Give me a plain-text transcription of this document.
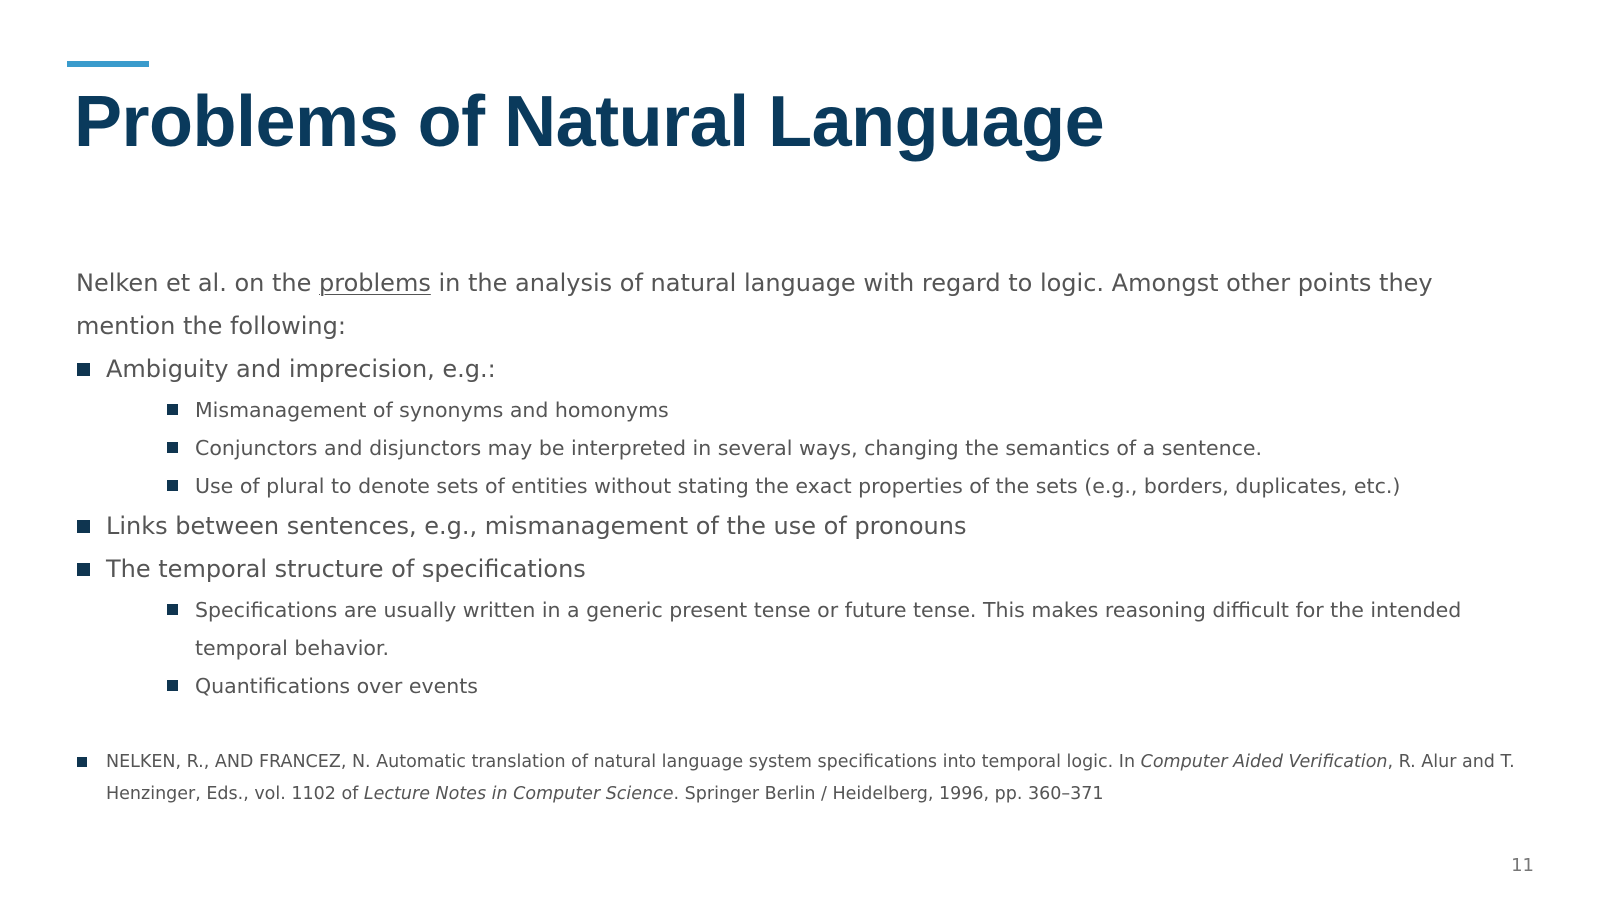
Problems of Natural Language

Nelken et al. on the problems in the analysis of natural language with regard to logic. Amongst other points they mention the following:

Ambiguity and imprecision, e.g.:
Mismanagement of synonyms and homonyms
Conjunctors and disjunctors may be interpreted in several ways, changing the semantics of a sentence.
Use of plural to denote sets of entities without stating the exact properties of the sets (e.g., borders, duplicates, etc.)
Links between sentences, e.g., mismanagement of the use of pronouns
The temporal structure of specifications
Specifications are usually written in a generic present tense or future tense. This makes reasoning difficult for the intended temporal behavior.
Quantifications over events
NELKEN, R., AND FRANCEZ, N. Automatic translation of natural language system specifications into temporal logic. In Computer Aided Verification, R. Alur and T. Henzinger, Eds., vol. 1102 of Lecture Notes in Computer Science. Springer Berlin / Heidelberg, 1996, pp. 360–371
11
